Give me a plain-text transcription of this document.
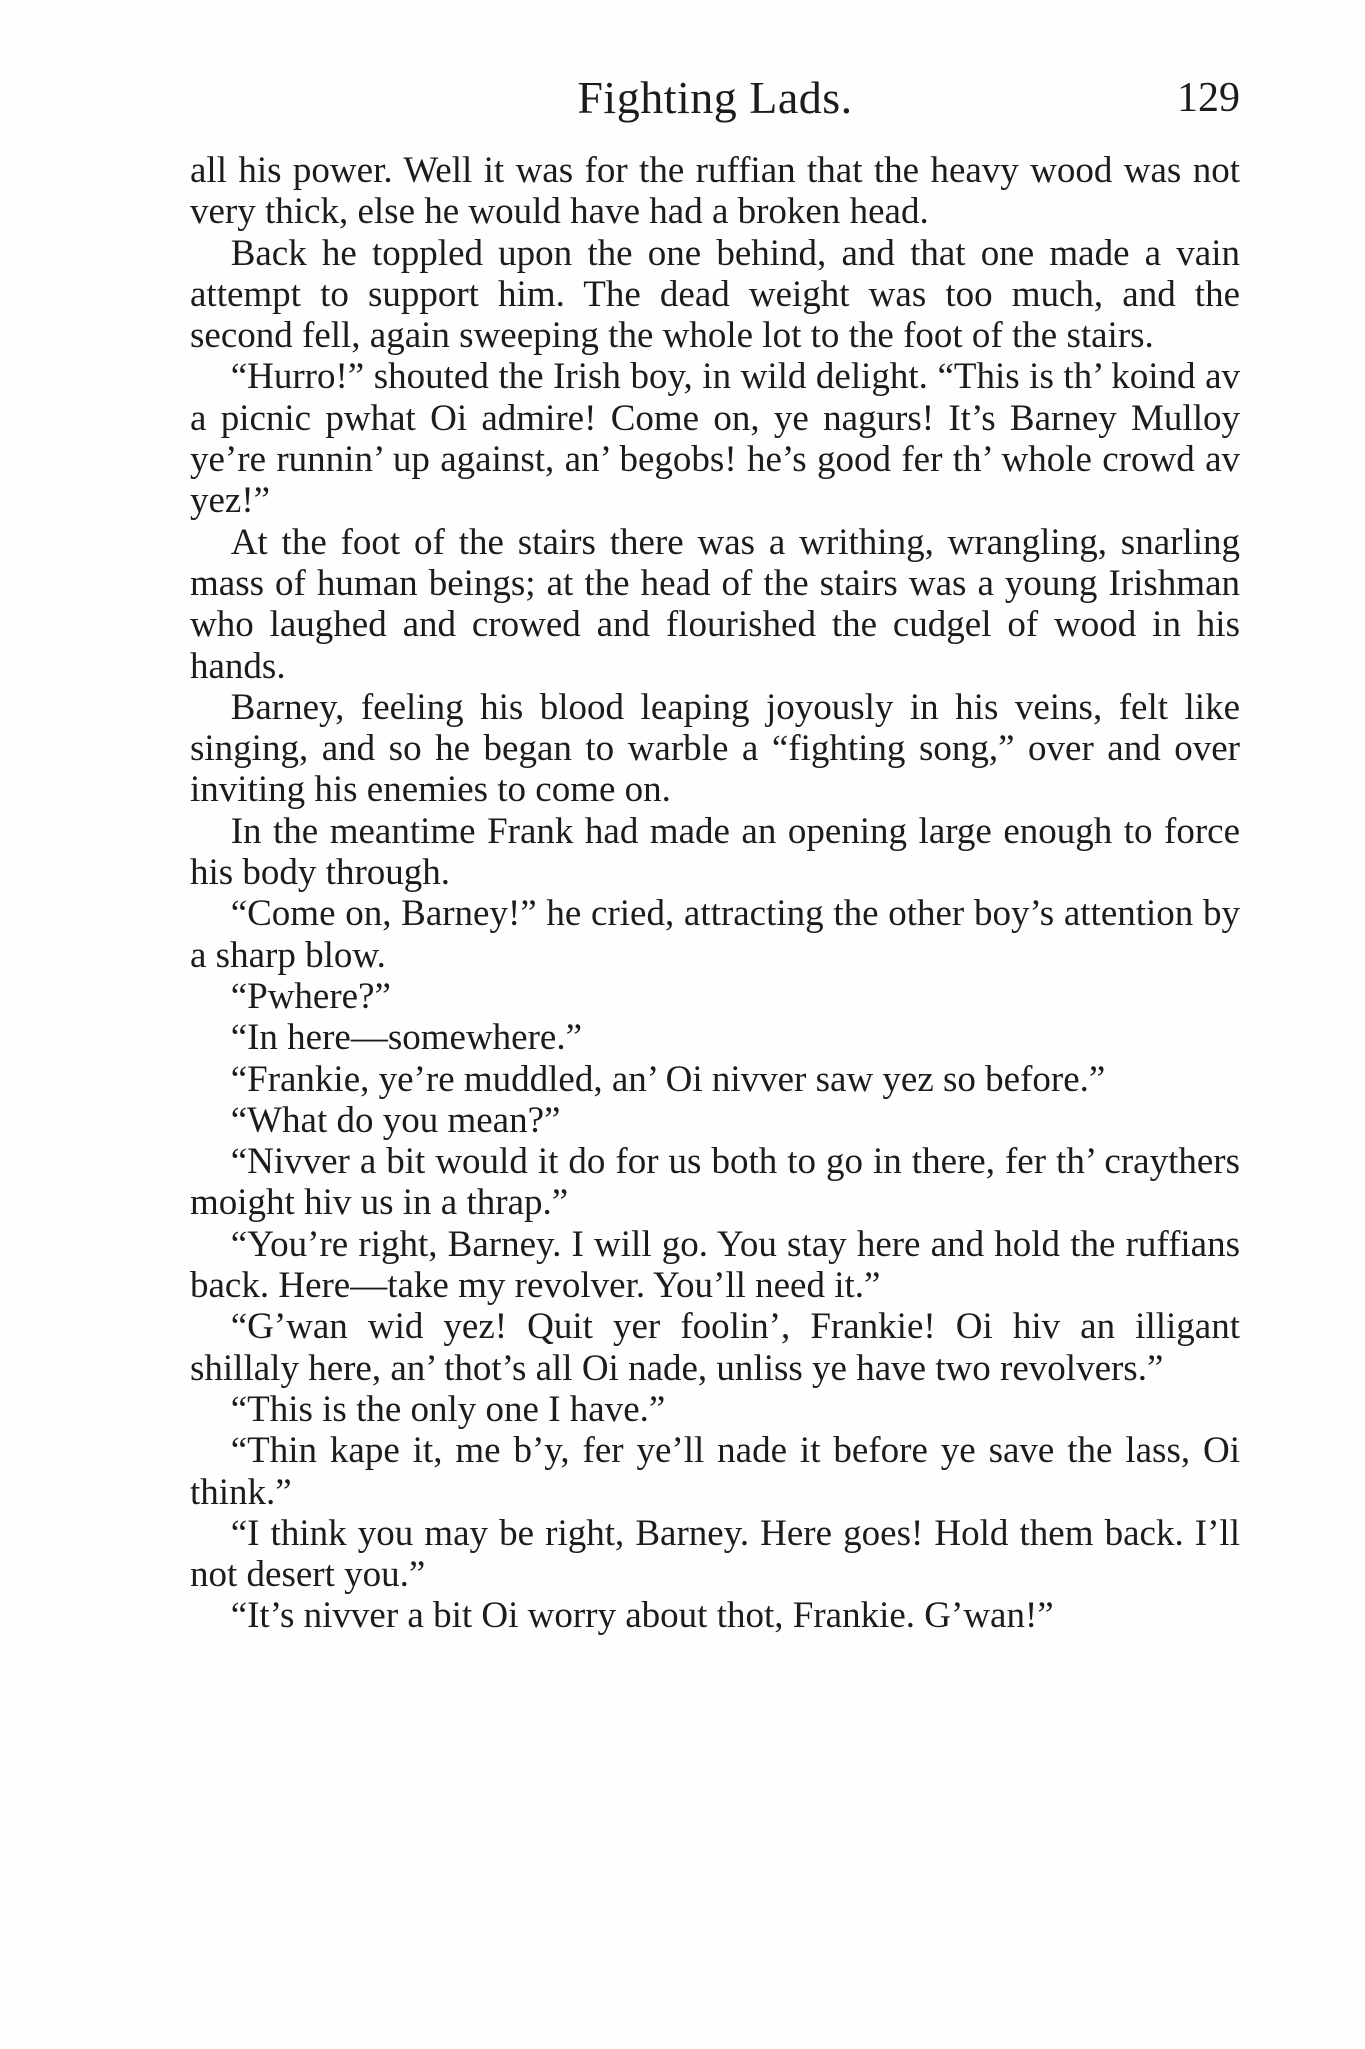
Fighting Lads.	129

all his power. Well it was for the ruffian that the heavy wood was not very thick, else he would have had a broken head.

Back he toppled upon the one behind, and that one made a vain attempt to support him. The dead weight was too much, and the second fell, again sweeping the whole lot to the foot of the stairs.

“Hurro!” shouted the Irish boy, in wild delight. “This is th’ koind av a picnic pwhat Oi admire! Come on, ye nagurs! It’s Barney Mulloy ye’re runnin’ up against, an’ begobs! he’s good fer th’ whole crowd av yez!”

At the foot of the stairs there was a writhing, wrangling, snarling mass of human beings; at the head of the stairs was a young Irishman who laughed and crowed and flourished the cudgel of wood in his hands.

Barney, feeling his blood leaping joyously in his veins, felt like singing, and so he began to warble a “fighting song,” over and over inviting his enemies to come on.

In the meantime Frank had made an opening large enough to force his body through.

“Come on, Barney!” he cried, attracting the other boy’s attention by a sharp blow.

“Pwhere?”

“In here—somewhere.”

“Frankie, ye’re muddled, an’ Oi nivver saw yez so before.”

“What do you mean?”

“Nivver a bit would it do for us both to go in there, fer th’ craythers moight hiv us in a thrap.”

“You’re right, Barney. I will go. You stay here and hold the ruffians back. Here—take my revolver. You’ll need it.”

“G’wan wid yez! Quit yer foolin’, Frankie! Oi hiv an illigant shillaly here, an’ thot’s all Oi nade, unliss ye have two revolvers.”

“This is the only one I have.”

“Thin kape it, me b’y, fer ye’ll nade it before ye save the lass, Oi think.”

“I think you may be right, Barney. Here goes! Hold them back. I’ll not desert you.”

“It’s nivver a bit Oi worry about thot, Frankie. G’wan!”
